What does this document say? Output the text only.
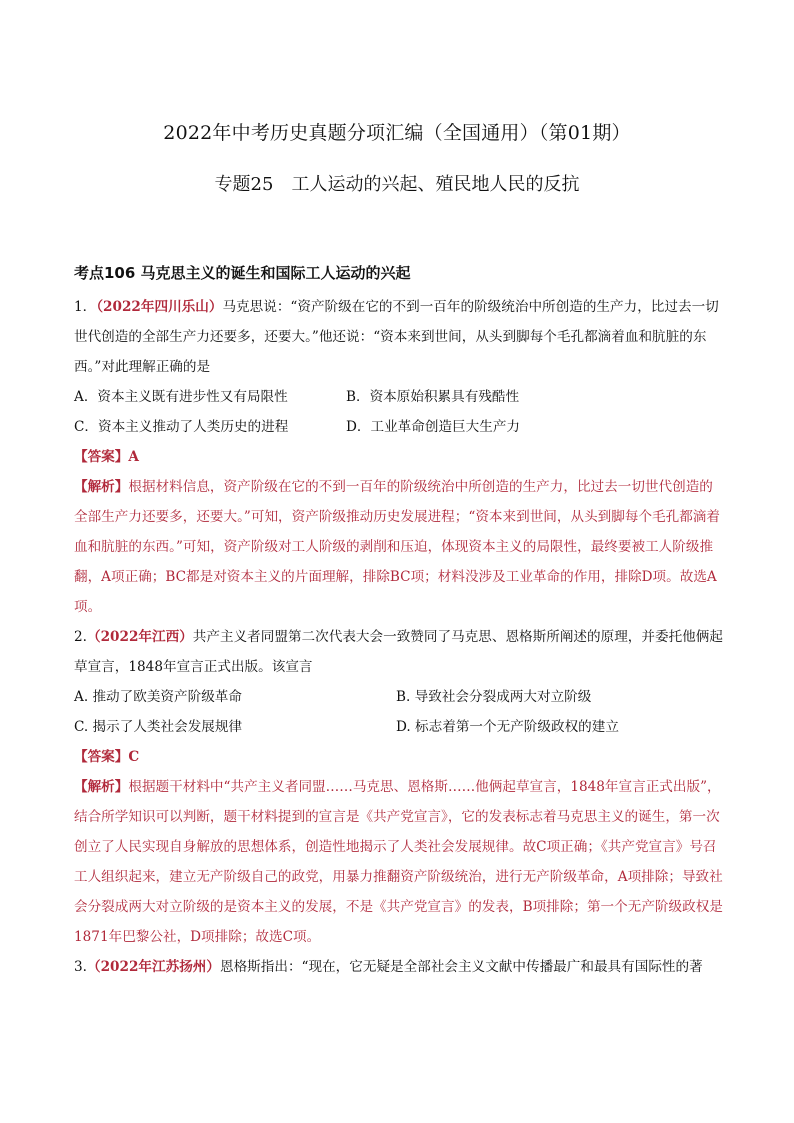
2022年中考历史真题分项汇编（全国通用）（第01期）
专题25　工人运动的兴起、殖民地人民的反抗
考点106 马克思主义的诞生和国际工人运动的兴起

1．（2022年四川乐山）马克思说：“资产阶级在它的不到一百年的阶级统治中所创造的生产力，比过去一切世代创造的全部生产力还要多，还要大。”他还说：“资本来到世间，从头到脚每个毛孔都滴着血和肮脏的东西。”对此理解正确的是

A．资本主义既有进步性又有局限性	B．资本原始积累具有残酷性
C．资本主义推动了人类历史的进程	D．工业革命创造巨大生产力

【答案】A

【解析】根据材料信息，资产阶级在它的不到一百年的阶级统治中所创造的生产力，比过去一切世代创造的全部生产力还要多，还要大。”可知，资产阶级推动历史发展进程；“资本来到世间，从头到脚每个毛孔都滴着血和肮脏的东西。”可知，资产阶级对工人阶级的剥削和压迫，体现资本主义的局限性，最终要被工人阶级推翻，A项正确；BC都是对资本主义的片面理解，排除BC项；材料没涉及工业革命的作用，排除D项。故选A项。

2.（2022年江西）共产主义者同盟第二次代表大会一致赞同了马克思、恩格斯所阐述的原理，并委托他俩起草宣言，1848年宣言正式出版。该宣言

A. 推动了欧美资产阶级革命	B. 导致社会分裂成两大对立阶级
C. 揭示了人类社会发展规律	D. 标志着第一个无产阶级政权的建立

【答案】C

【解析】根据题干材料中“共产主义者同盟……马克思、恩格斯……他俩起草宣言，1848年宣言正式出版”，结合所学知识可以判断，题干材料提到的宣言是《共产党宣言》，它的发表标志着马克思主义的诞生，第一次创立了人民实现自身解放的思想体系，创造性地揭示了人类社会发展规律。故C项正确；《共产党宣言》号召工人组织起来，建立无产阶级自己的政党，用暴力推翻资产阶级统治，进行无产阶级革命，A项排除；导致社会分裂成两大对立阶级的是资本主义的发展，不是《共产党宣言》的发表，B项排除；第一个无产阶级政权是1871年巴黎公社，D项排除；故选C项。

3.（2022年江苏扬州）恩格斯指出：“现在，它无疑是全部社会主义文献中传播最广和最具有国际性的著
